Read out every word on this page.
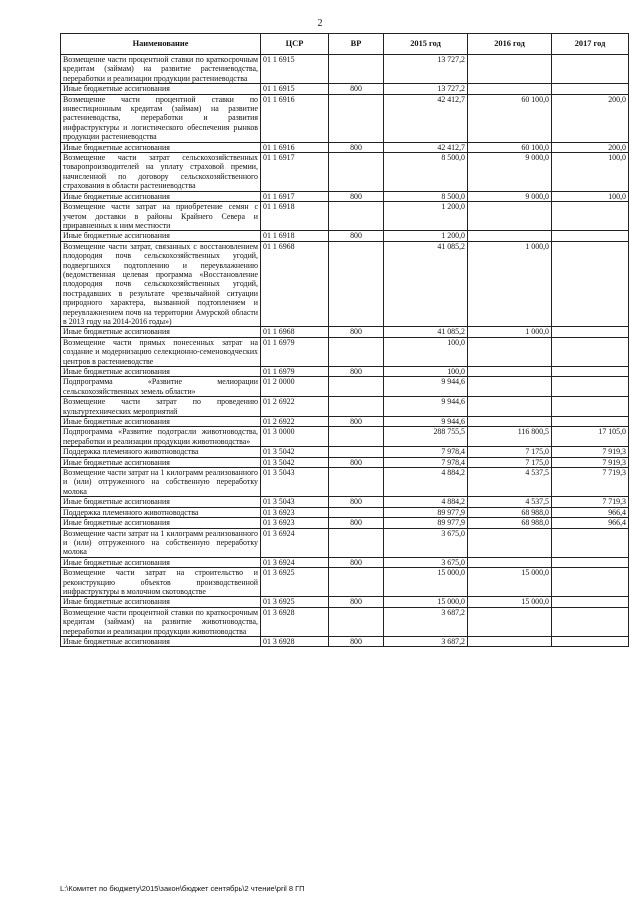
2
Наименование	ЦСР	ВР	2015 год	2016 год	2017 год
Возмещение части процентной ставки по краткосрочным кредитам (займам) на развитие растениеводства, переработки и реализации продукции растениеводства	01 1 6915		13 727,2		
Иные бюджетные ассигнования	01 1 6915	800	13 727,2		
Возмещение части процентной ставки по инвестиционным кредитам (займам) на развитие растениеводства, переработки и развития инфраструктуры и логистического обеспечения рынков продукции растениеводства	01 1 6916		42 412,7	60 100,0	200,0
Иные бюджетные ассигнования	01 1 6916	800	42 412,7	60 100,0	200,0
Возмещение части затрат сельскохозяйственных товаропроизводителей на уплату страховой премии, начисленной по договору сельскохозяйственного страхования в области растениеводства	01 1 6917		8 500,0	9 000,0	100,0
Иные бюджетные ассигнования	01 1 6917	800	8 500,0	9 000,0	100,0
Возмещение части затрат на приобретение семян с учетом доставки в районы Крайнего Севера и приравненных к ним местности	01 1 6918		1 200,0		
Иные бюджетные ассигнования	01 1 6918	800	1 200,0		
Возмещение части затрат, связанных с восстановлением плодородия почв сельскохозяйственных угодий, подвергшихся подтоплению и переувлажнению (ведомственная целевая программа «Восстановление плодородия почв сельскохозяйственных угодий, пострадавших в результате чрезвычайной ситуации природного характера, вызванной подтоплением и переувлажнением почв на территории Амурской области в 2013 году на 2014-2016 годы»)	01 1 6968		41 085,2	1 000,0	
Иные бюджетные ассигнования	01 1 6968	800	41 085,2	1 000,0	
Возмещение части прямых понесенных затрат на создание и модернизацию селекционно-семеноводческих центров в растениеводстве	01 1 6979		100,0		
Иные бюджетные ассигнования	01 1 6979	800	100,0		
Подпрограмма «Развитие мелиорации сельскохозяйственных земель области»	01 2 0000		9 944,6		
Возмещение части затрат по проведению культуртехнических мероприятий	01 2 6922		9 944,6		
Иные бюджетные ассигнования	01 2 6922	800	9 944,6		
Подпрограмма «Развитие подотрасли животноводства, переработки и реализации продукции животноводства»	01 3 0000		288 755,5	116 800,5	17 105,0
Поддержка племенного животноводства	01 3 5042		7 978,4	7 175,0	7 919,3
Иные бюджетные ассигнования	01 3 5042	800	7 978,4	7 175,0	7 919,3
Возмещение части затрат на 1 килограмм реализованного и (или) отгруженного на собственную переработку молока	01 3 5043		4 884,2	4 537,5	7 719,3
Иные бюджетные ассигнования	01 3 5043	800	4 884,2	4 537,5	7 719,3
Поддержка племенного животноводства	01 3 6923		89 977,9	68 988,0	966,4
Иные бюджетные ассигнования	01 3 6923	800	89 977,9	68 988,0	966,4
Возмещение части затрат на 1 килограмм реализованного и (или) отгруженного на собственную переработку молока	01 3 6924		3 675,0		
Иные бюджетные ассигнования	01 3 6924	800	3 675,0		
Возмещение части затрат на строительство и реконструкцию объектов производственной инфраструктуры в молочном скотоводстве	01 3 6925		15 000,0	15 000,0	
Иные бюджетные ассигнования	01 3 6925	800	15 000,0	15 000,0	
Возмещение части процентной ставки по краткосрочным кредитам (займам) на развитие животноводства, переработки и реализации продукции животноводства	01 3 6928		3 687,2		
Иные бюджетные ассигнования	01 3 6928	800	3 687,2		
L:\Комитет по бюджету\2015\закон\бюджет сентябрь\2 чтение\рril 8 ГП
